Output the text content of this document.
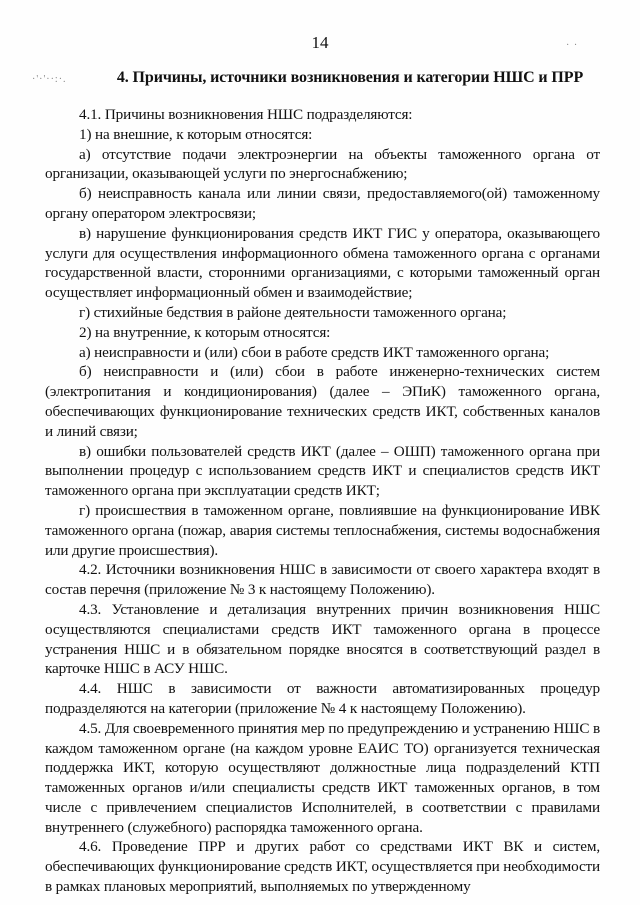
14
·'·'··:·.
· ·
4. Причины, источники возникновения и категории НШС и ПРР

4.1. Причины возникновения НШС подразделяются:

1) на внешние, к которым относятся:

а) отсутствие подачи электроэнергии на объекты таможенного органа от организации, оказывающей услуги по энергоснабжению;

б) неисправность канала или линии связи, предоставляемого(ой) таможенному органу оператором электросвязи;

в) нарушение функционирования средств ИКТ ГИС у оператора, оказывающего услуги для осуществления информационного обмена таможенного органа с органами государственной власти, сторонними организациями, с которыми таможенный орган осуществляет информационный обмен и взаимодействие;

г) стихийные бедствия в районе деятельности таможенного органа;

2) на внутренние, к которым относятся:

а) неисправности и (или) сбои в работе средств ИКТ таможенного органа;

б) неисправности и (или) сбои в работе инженерно-технических систем (электропитания и кондиционирования) (далее – ЭПиК) таможенного органа, обеспечивающих функционирование технических средств ИКТ, собственных каналов и линий связи;

в) ошибки пользователей средств ИКТ (далее – ОШП) таможенного органа при выполнении процедур с использованием средств ИКТ и специалистов средств ИКТ таможенного органа при эксплуатации средств ИКТ;

г) происшествия в таможенном органе, повлиявшие на функционирование ИВК таможенного органа (пожар, авария системы теплоснабжения, системы водоснабжения или другие происшествия).

4.2. Источники возникновения НШС в зависимости от своего характера входят в состав перечня (приложение № 3 к настоящему Положению).

4.3. Установление и детализация внутренних причин возникновения НШС осуществляются специалистами средств ИКТ таможенного органа в процессе устранения НШС и в обязательном порядке вносятся в соответствующий раздел в карточке НШС в АСУ НШС.

4.4. НШС в зависимости от важности автоматизированных процедур подразделяются на категории (приложение № 4 к настоящему Положению).

4.5. Для своевременного принятия мер по предупреждению и устранению НШС в каждом таможенном органе (на каждом уровне ЕАИС ТО) организуется техническая поддержка ИКТ, которую осуществляют должностные лица подразделений КТП таможенных органов и/или специалисты средств ИКТ таможенных органов, в том числе с привлечением специалистов Исполнителей, в соответствии с правилами внутреннего (служебного) распорядка таможенного органа.

4.6. Проведение ПРР и других работ со средствами ИКТ ВК и систем, обеспечивающих функционирование средств ИКТ, осуществляется при необходимости в рамках плановых мероприятий, выполняемых по утвержденному
